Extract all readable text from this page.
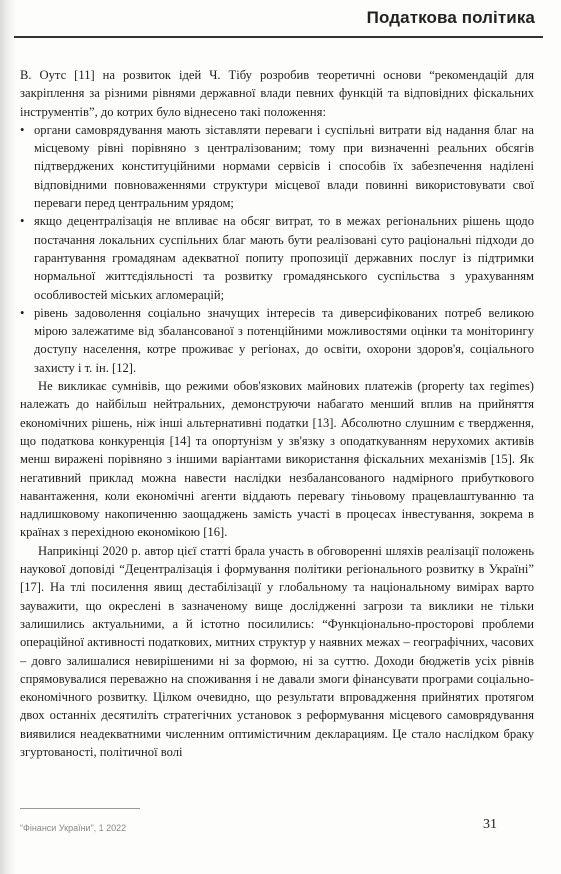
Податкова політика

В. Оутс [11] на розвиток ідей Ч. Тібу розробив теоретичні основи “рекомендацій для закріплення за різними рівнями державної влади певних функцій та відповідних фіскальних інструментів”, до котрих було віднесено такі положення:

• органи самоврядування мають зіставляти переваги і суспільні витрати від надання благ на місцевому рівні порівняно з централізованим; тому при визначенні реальних обсягів підтверджених конституційними нормами сервісів і способів їх забезпечення наділені відповідними повноваженнями структури місцевої влади повинні використовувати свої переваги перед центральним урядом;

• якщо децентралізація не впливає на обсяг витрат, то в межах регіональних рішень щодо постачання локальних суспільних благ мають бути реалізовані суто раціональні підходи до гарантування громадянам адекватної попиту пропозиції державних послуг із підтримки нормальної життєдіяльності та розвитку громадянського суспільства з урахуванням особливостей міських агломерацій;

• рівень задоволення соціально значущих інтересів та диверсифікованих потреб великою мірою залежатиме від збалансованої з потенційними можливостями оцінки та моніторингу доступу населення, котре проживає у регіонах, до освіти, охорони здоров'я, соціального захисту і т. ін. [12].

Не викликає сумнівів, що режими обов'язкових майнових платежів (property tax regimes) належать до найбільш нейтральних, демонструючи набагато менший вплив на прийняття економічних рішень, ніж інші альтернативні податки [13]. Абсолютно слушним є твердження, що податкова конкуренція [14] та опортунізм у зв'язку з оподаткуванням нерухомих активів менш виражені порівняно з іншими варіантами використання фіскальних механізмів [15]. Як негативний приклад можна навести наслідки незбалансованого надмірного прибуткового навантаження, коли економічні агенти віддають перевагу тіньовому працевлаштуванню та надлишковому накопиченню заощаджень замість участі в процесах інвестування, зокрема в країнах з перехідною економікою [16].

Наприкінці 2020 р. автор цієї статті брала участь в обговоренні шляхів реалізації положень наукової доповіді “Децентралізація і формування політики регіонального розвитку в Україні” [17]. На тлі посилення явищ дестабілізації у глобальному та національному вимірах варто зауважити, що окреслені в зазначеному вище дослідженні загрози та виклики не тільки залишились актуальними, а й істотно посилились: “Функціонально-просторові проблеми операційної активності податкових, митних структур у наявних межах – географічних, часових – довго залишалися невирішеними ні за формою, ні за суттю. Доходи бюджетів усіх рівнів спрямовувалися переважно на споживання і не давали змоги фінансувати програми соціально-економічного розвитку. Цілком очевидно, що результати впровадження прийнятих протягом двох останніх десятиліть стратегічних установок з реформування місцевого самоврядування виявилися неадекватними численним оптимістичним декларациям. Це стало наслідком браку згуртованості, політичної волі

“Фінанси України”, 1 2022	31
